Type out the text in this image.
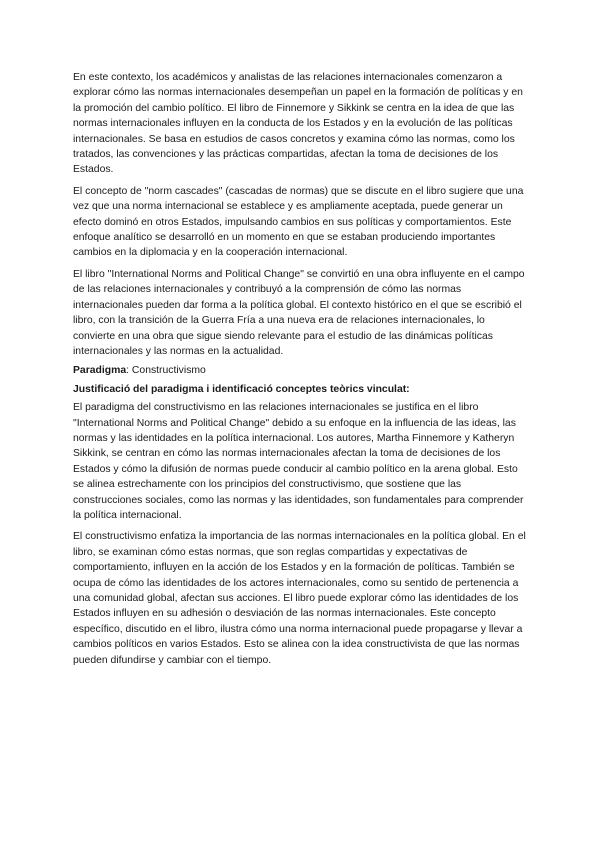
En este contexto, los académicos y analistas de las relaciones internacionales comenzaron a explorar cómo las normas internacionales desempeñan un papel en la formación de políticas y en la promoción del cambio político. El libro de Finnemore y Sikkink se centra en la idea de que las normas internacionales influyen en la conducta de los Estados y en la evolución de las políticas internacionales. Se basa en estudios de casos concretos y examina cómo las normas, como los tratados, las convenciones y las prácticas compartidas, afectan la toma de decisiones de los Estados.

El concepto de "norm cascades" (cascadas de normas) que se discute en el libro sugiere que una vez que una norma internacional se establece y es ampliamente aceptada, puede generar un efecto dominó en otros Estados, impulsando cambios en sus políticas y comportamientos. Este enfoque analítico se desarrolló en un momento en que se estaban produciendo importantes cambios en la diplomacia y en la cooperación internacional.

El libro "International Norms and Political Change" se convirtió en una obra influyente en el campo de las relaciones internacionales y contribuyó a la comprensión de cómo las normas internacionales pueden dar forma a la política global. El contexto histórico en el que se escribió el libro, con la transición de la Guerra Fría a una nueva era de relaciones internacionales, lo convierte en una obra que sigue siendo relevante para el estudio de las dinámicas políticas internacionales y las normas en la actualidad.

Paradigma: Constructivismo

Justificació del paradigma i identificació conceptes teòrics vinculat:

El paradigma del constructivismo en las relaciones internacionales se justifica en el libro "International Norms and Political Change" debido a su enfoque en la influencia de las ideas, las normas y las identidades en la política internacional. Los autores, Martha Finnemore y Katheryn Sikkink, se centran en cómo las normas internacionales afectan la toma de decisiones de los Estados y cómo la difusión de normas puede conducir al cambio político en la arena global. Esto se alinea estrechamente con los principios del constructivismo, que sostiene que las construcciones sociales, como las normas y las identidades, son fundamentales para comprender la política internacional.

El constructivismo enfatiza la importancia de las normas internacionales en la política global. En el libro, se examinan cómo estas normas, que son reglas compartidas y expectativas de comportamiento, influyen en la acción de los Estados y en la formación de políticas. También se ocupa de cómo las identidades de los actores internacionales, como su sentido de pertenencia a una comunidad global, afectan sus acciones. El libro puede explorar cómo las identidades de los Estados influyen en su adhesión o desviación de las normas internacionales. Este concepto específico, discutido en el libro, ilustra cómo una norma internacional puede propagarse y llevar a cambios políticos en varios Estados. Esto se alinea con la idea constructivista de que las normas pueden difundirse y cambiar con el tiempo.
